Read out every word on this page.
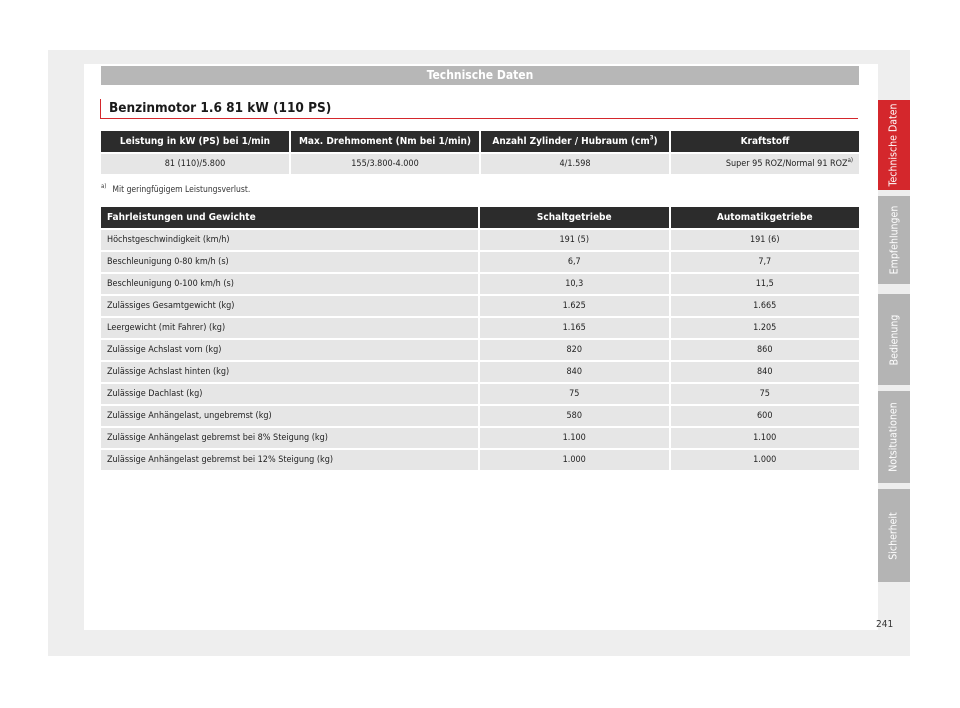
Technische Daten
Benzinmotor 1.6 81 kW (110 PS)
Leistung in kW (PS) bei 1/min	Max. Drehmoment (Nm bei 1/min)	Anzahl Zylinder / Hubraum $(cm^3)$	Kraftstoff
81 (110)/5.800	155/3.800-4.000	4/1.598	Super 95 ROZ/Normal 91 ROZ$^{a)}$
$^{a)}$ Mit geringfügigem Leistungsverlust.
Fahrleistungen und Gewichte	Schaltgetriebe	Automatikgetriebe
Höchstgeschwindigkeit (km/h)	191 (5)	191 (6)
Beschleunigung 0-80 km/h (s)	6,7	7,7
Beschleunigung 0-100 km/h (s)	10,3	11,5
Zulässiges Gesamtgewicht (kg)	1.625	1.665
Leergewicht (mit Fahrer) (kg)	1.165	1.205
Zulässige Achslast vorn (kg)	820	860
Zulässige Achslast hinten (kg)	840	840
Zulässige Dachlast (kg)	75	75
Zulässige Anhängelast, ungebremst (kg)	580	600
Zulässige Anhängelast gebremst bei 8% Steigung (kg)	1.100	1.100
Zulässige Anhängelast gebremst bei 12% Steigung (kg)	1.000	1.000
Technische Daten
Empfehlungen
Bedienung
Notsituationen
Sicherheit
241
